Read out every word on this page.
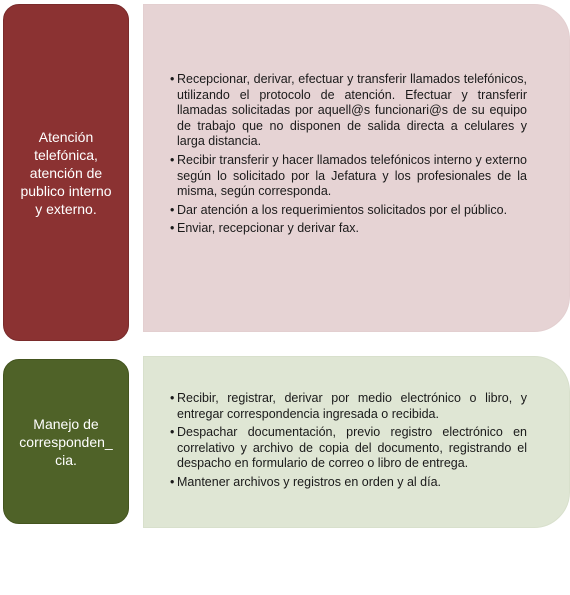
Atención
telefónica,
atención de
publico interno
y externo.
• Recepcionar, derivar, efectuar y transferir llamados telefónicos, utilizando el protocolo de atención. Efectuar y transferir llamadas solicitadas por aquell@s funcionari@s de su equipo de trabajo que no disponen de salida directa a celulares y larga distancia.
• Recibir transferir y hacer llamados telefónicos interno y externo según lo solicitado por la Jefatura y los profesionales de la misma, según corresponda.
• Dar atención a los requerimientos solicitados por el público.
• Enviar, recepcionar y derivar fax.
Manejo de
corresponden_
cia.
• Recibir, registrar, derivar por medio electrónico o libro, y entregar correspondencia ingresada o recibida.
• Despachar documentación, previo registro electrónico en correlativo y archivo de copia del documento, registrando el despacho en formulario de correo o libro de entrega.
• Mantener archivos y registros en orden y al día.
